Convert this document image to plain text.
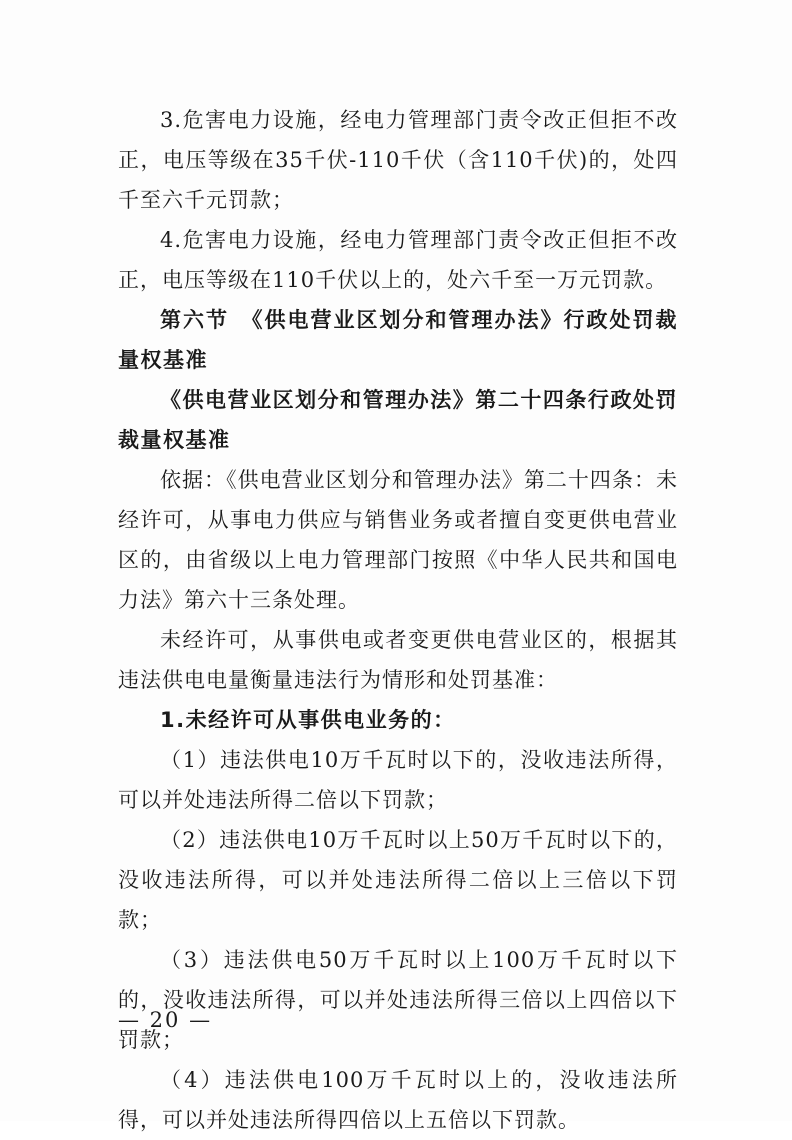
3.危害电力设施，经电力管理部门责令改正但拒不改正，电压等级在35千伏-110千伏（含110千伏)的，处四千至六千元罚款；

4.危害电力设施，经电力管理部门责令改正但拒不改正，电压等级在110千伏以上的，处六千至一万元罚款。

第六节　《供电营业区划分和管理办法》行政处罚裁量权基准

《供电营业区划分和管理办法》第二十四条行政处罚裁量权基准

依据：《供电营业区划分和管理办法》第二十四条：未经许可，从事电力供应与销售业务或者擅自变更供电营业区的，由省级以上电力管理部门按照《中华人民共和国电力法》第六十三条处理。

未经许可，从事供电或者变更供电营业区的，根据其违法供电电量衡量违法行为情形和处罚基准：

1.未经许可从事供电业务的：

（1）违法供电10万千瓦时以下的，没收违法所得，可以并处违法所得二倍以下罚款；

（2）违法供电10万千瓦时以上50万千瓦时以下的，没收违法所得，可以并处违法所得二倍以上三倍以下罚款；

（3）违法供电50万千瓦时以上100万千瓦时以下的，没收违法所得，可以并处违法所得三倍以上四倍以下罚款；

（4）违法供电100万千瓦时以上的，没收违法所得，可以并处违法所得四倍以上五倍以下罚款。

— 20 —
